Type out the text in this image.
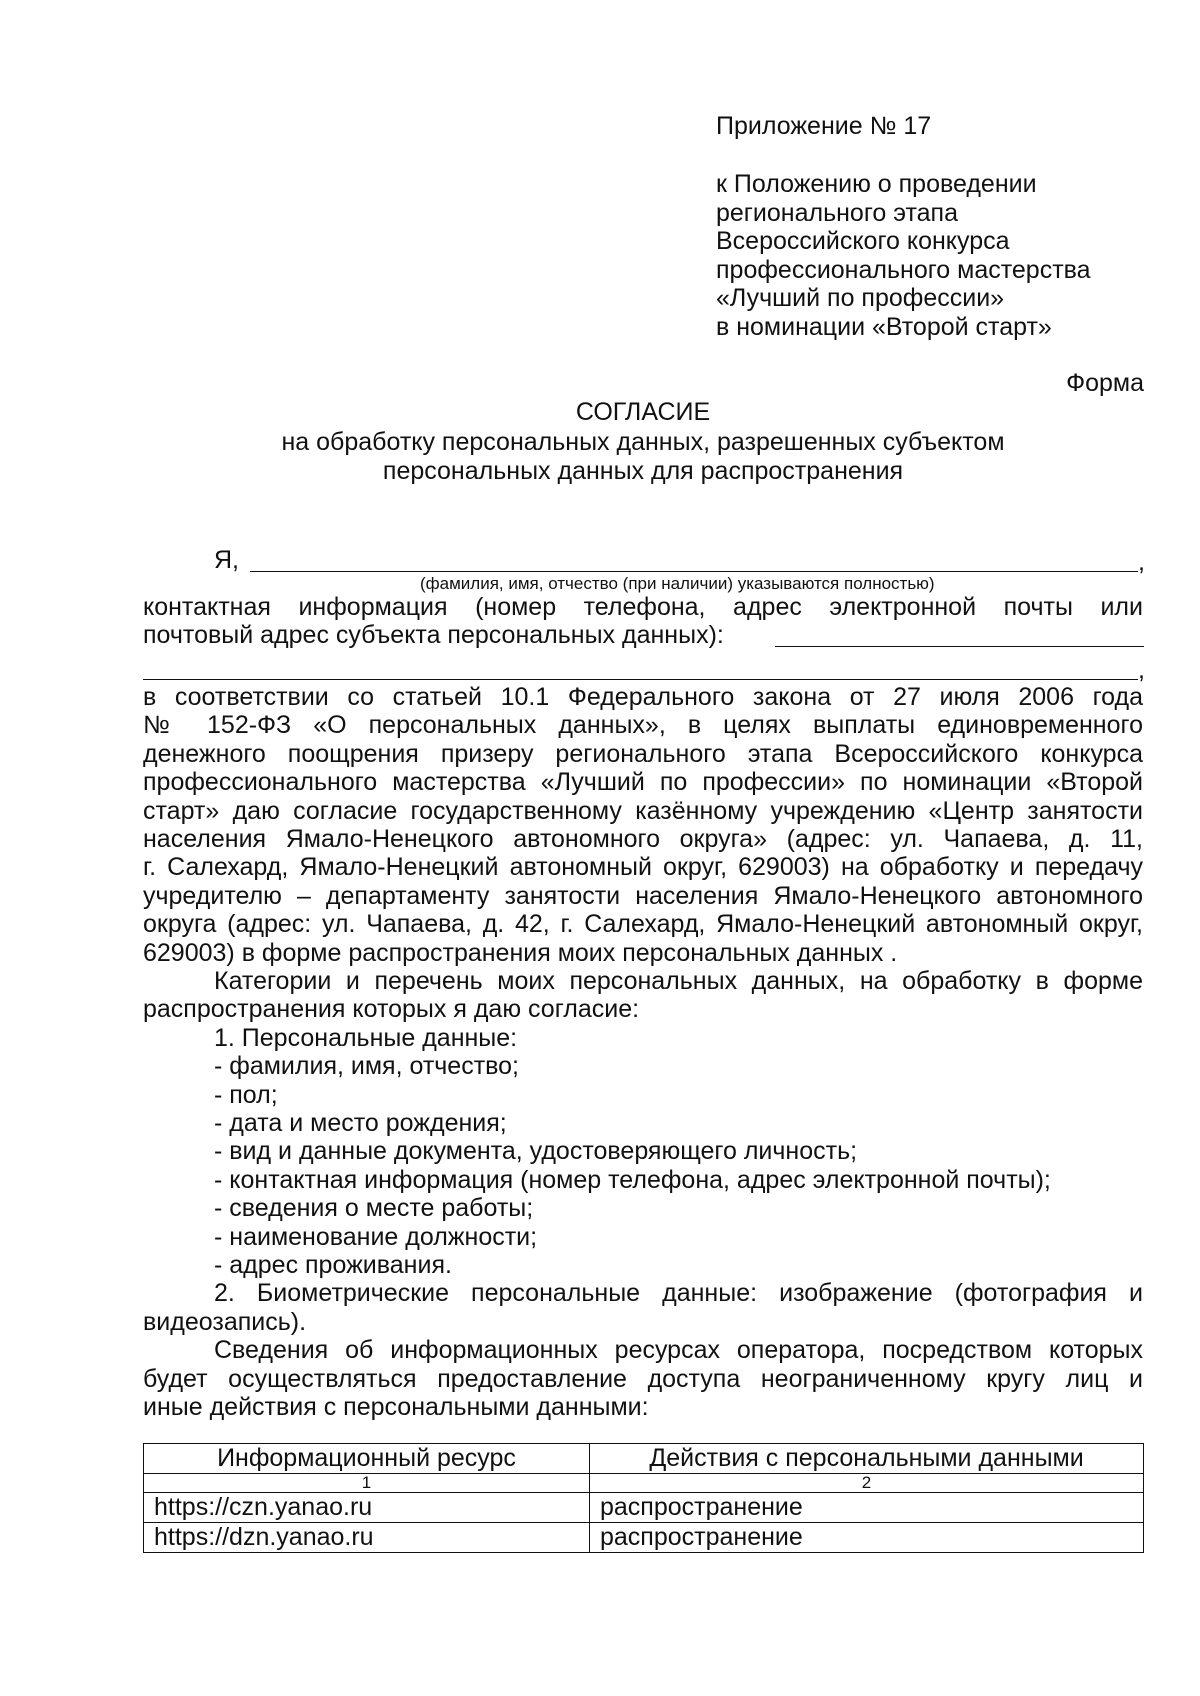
Приложение № 17
к Положению о проведении
регионального этапа
Всероссийского конкурса
профессионального мастерства
«Лучший по профессии»
в номинации «Второй старт»
Форма
СОГЛАСИЕ
на обработку персональных данных, разрешенных субъектом
персональных данных для распространения
Я,	,
(фамилия, имя, отчество (при наличии) указываются полностью)
контактная информация (номер телефона, адрес электронной почты или
почтовый адрес субъекта персональных данных):
,
в соответствии со статьей 10.1 Федерального закона от 27 июля 2006 года
№ 152-ФЗ «О персональных данных», в целях выплаты единовременного
денежного поощрения призеру регионального этапа Всероссийского конкурса
профессионального мастерства «Лучший по профессии» по номинации «Второй
старт» даю согласие государственному казённому учреждению «Центр занятости
населения Ямало-Ненецкого автономного округа» (адрес: ул. Чапаева, д. 11,
г. Салехард, Ямало-Ненецкий автономный округ, 629003) на обработку и передачу
учредителю – департаменту занятости населения Ямало-Ненецкого автономного
округа (адрес: ул. Чапаева, д. 42, г. Салехард, Ямало-Ненецкий автономный округ,
629003) в форме распространения моих персональных данных .
Категории и перечень моих персональных данных, на обработку в форме
распространения которых я даю согласие:
1. Персональные данные:
- фамилия, имя, отчество;
- пол;
- дата и место рождения;
- вид и данные документа, удостоверяющего личность;
- контактная информация (номер телефона, адрес электронной почты);
- сведения о месте работы;
- наименование должности;
- адрес проживания.
2. Биометрические персональные данные: изображение (фотография и
видеозапись).
Сведения об информационных ресурсах оператора, посредством которых
будет осуществляться предоставление доступа неограниченному кругу лиц и
иные действия с персональными данными:
Информационный ресурс	Действия с персональными данными
1	2
https://czn.yanao.ru	распространение
https://dzn.yanao.ru	распространение
